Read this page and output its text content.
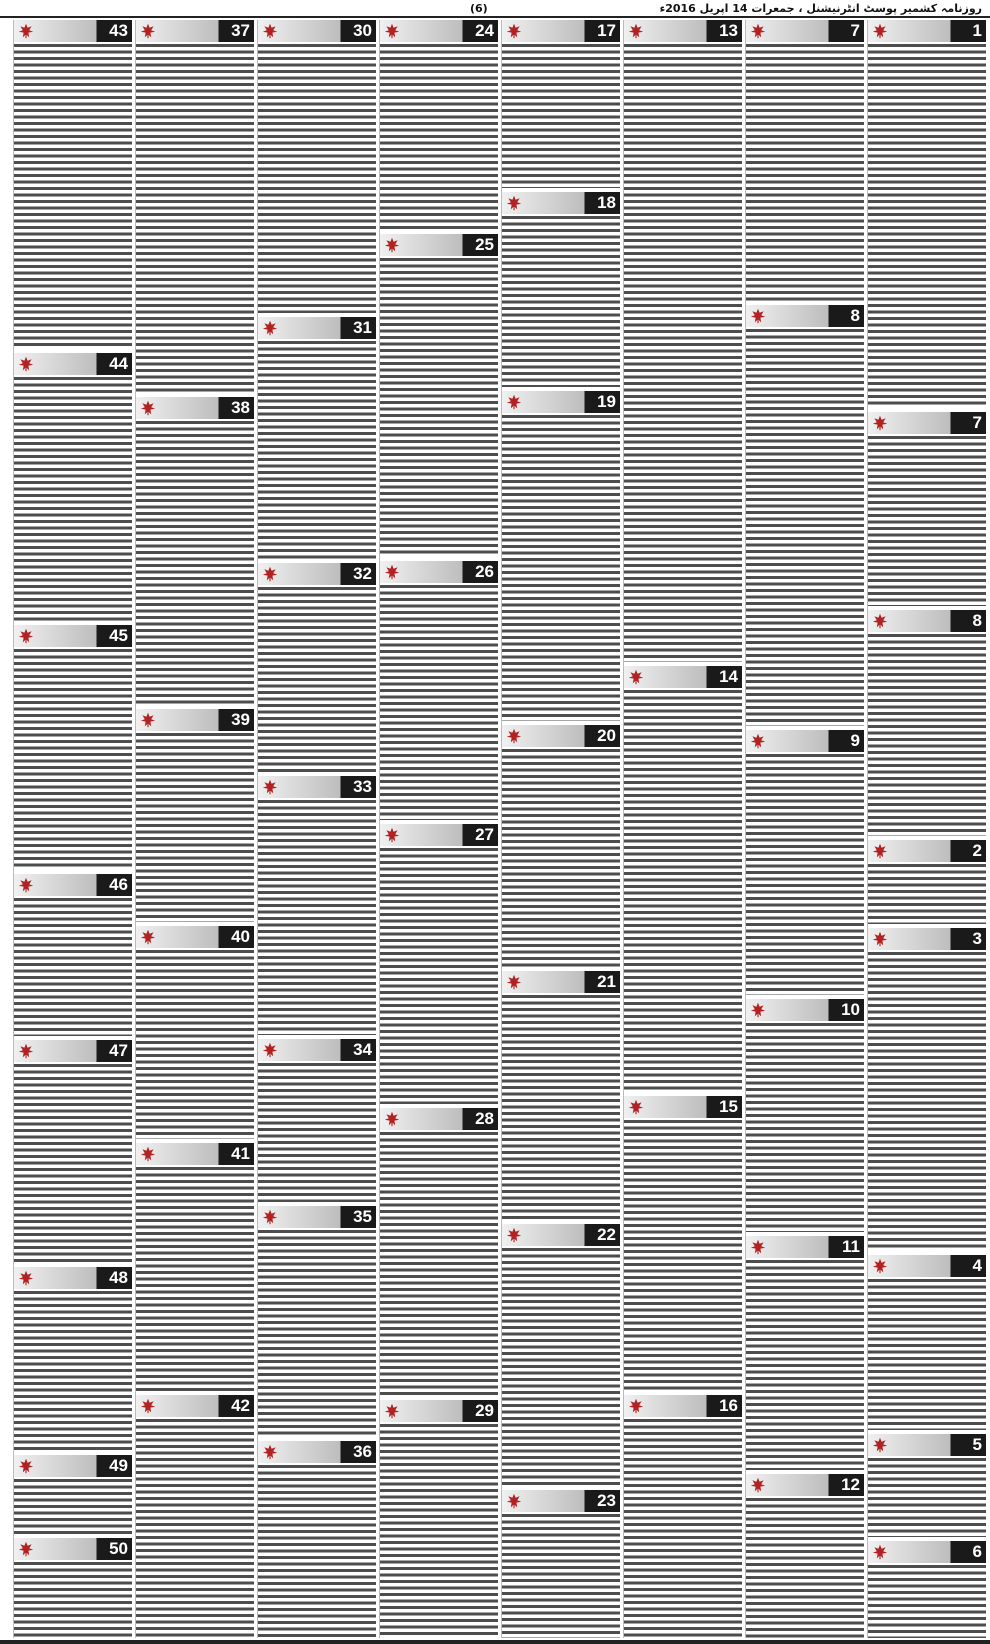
(6)	روزنامہ کشمیر پوسٹ انٹرنیشنل ، جمعرات 14 اپریل 2016ء
1
7
8
2
3
4
5
6
7
8
9
10
11
12
13
14
15
16
17
18
19
20
21
22
23
24
25
26
27
28
29
30
31
32
33
34
35
36
37
38
39
40
41
42
43
44
45
46
47
48
49
50
